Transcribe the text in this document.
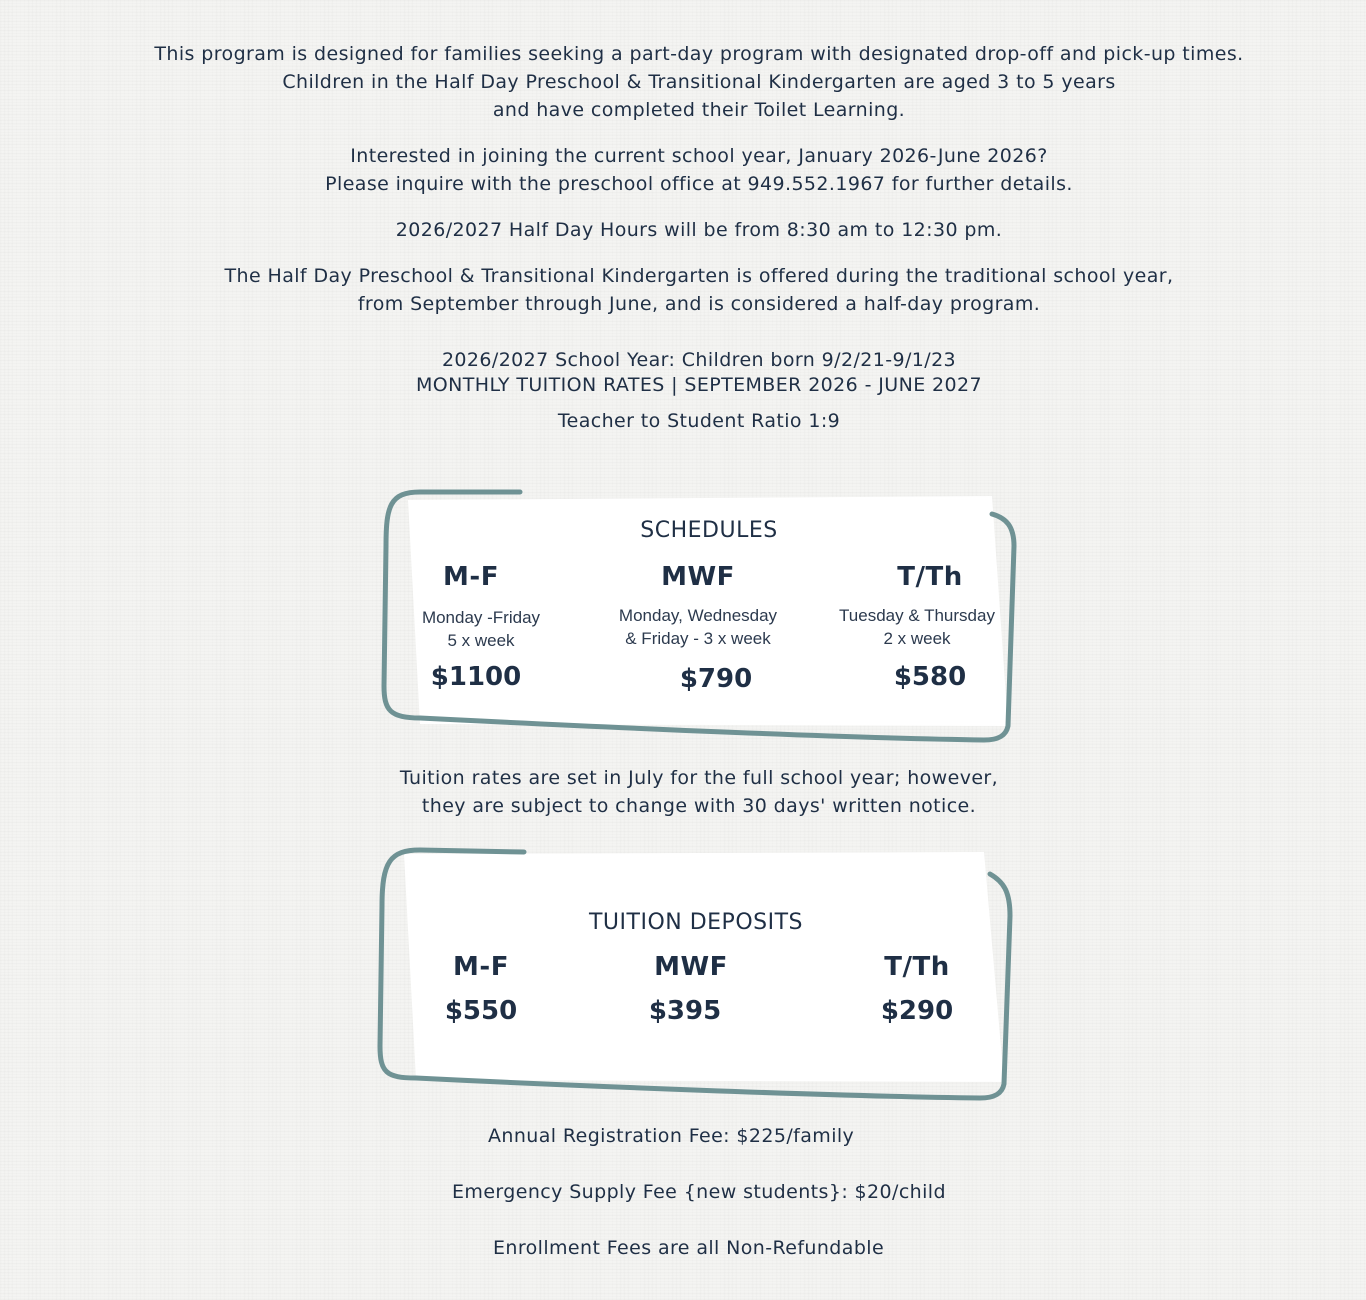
This program is designed for families seeking a part-day program with designated drop-off and pick-up times.

Children in the Half Day Preschool & Transitional Kindergarten are aged 3 to 5 years

and have completed their Toilet Learning.

Interested in joining the current school year, January 2026-June 2026?

Please inquire with the preschool office at 949.552.1967 for further details.

2026/2027 Half Day Hours will be from 8:30 am to 12:30 pm.

The Half Day Preschool & Transitional Kindergarten is offered during the traditional school year,

from September through June, and is considered a half-day program.

2026/2027 School Year: Children born 9/2/21-9/1/23
MONTHLY TUITION RATES | SEPTEMBER 2026 - JUNE 2027
Teacher to Student Ratio 1:9
SCHEDULES
M-F
Monday -Friday
5 x week
$1100
MWF
Monday, Wednesday
& Friday - 3 x week
$790
T/Th
Tuesday & Thursday
2 x week
$580

Tuition rates are set in July for the full school year; however,

they are subject to change with 30 days' written notice.

TUITION DEPOSITS
M-F
$550
MWF
$395
T/Th
$290
Annual Registration Fee: $225/family
Emergency Supply Fee {new students}: $20/child
Enrollment Fees are all Non-Refundable
